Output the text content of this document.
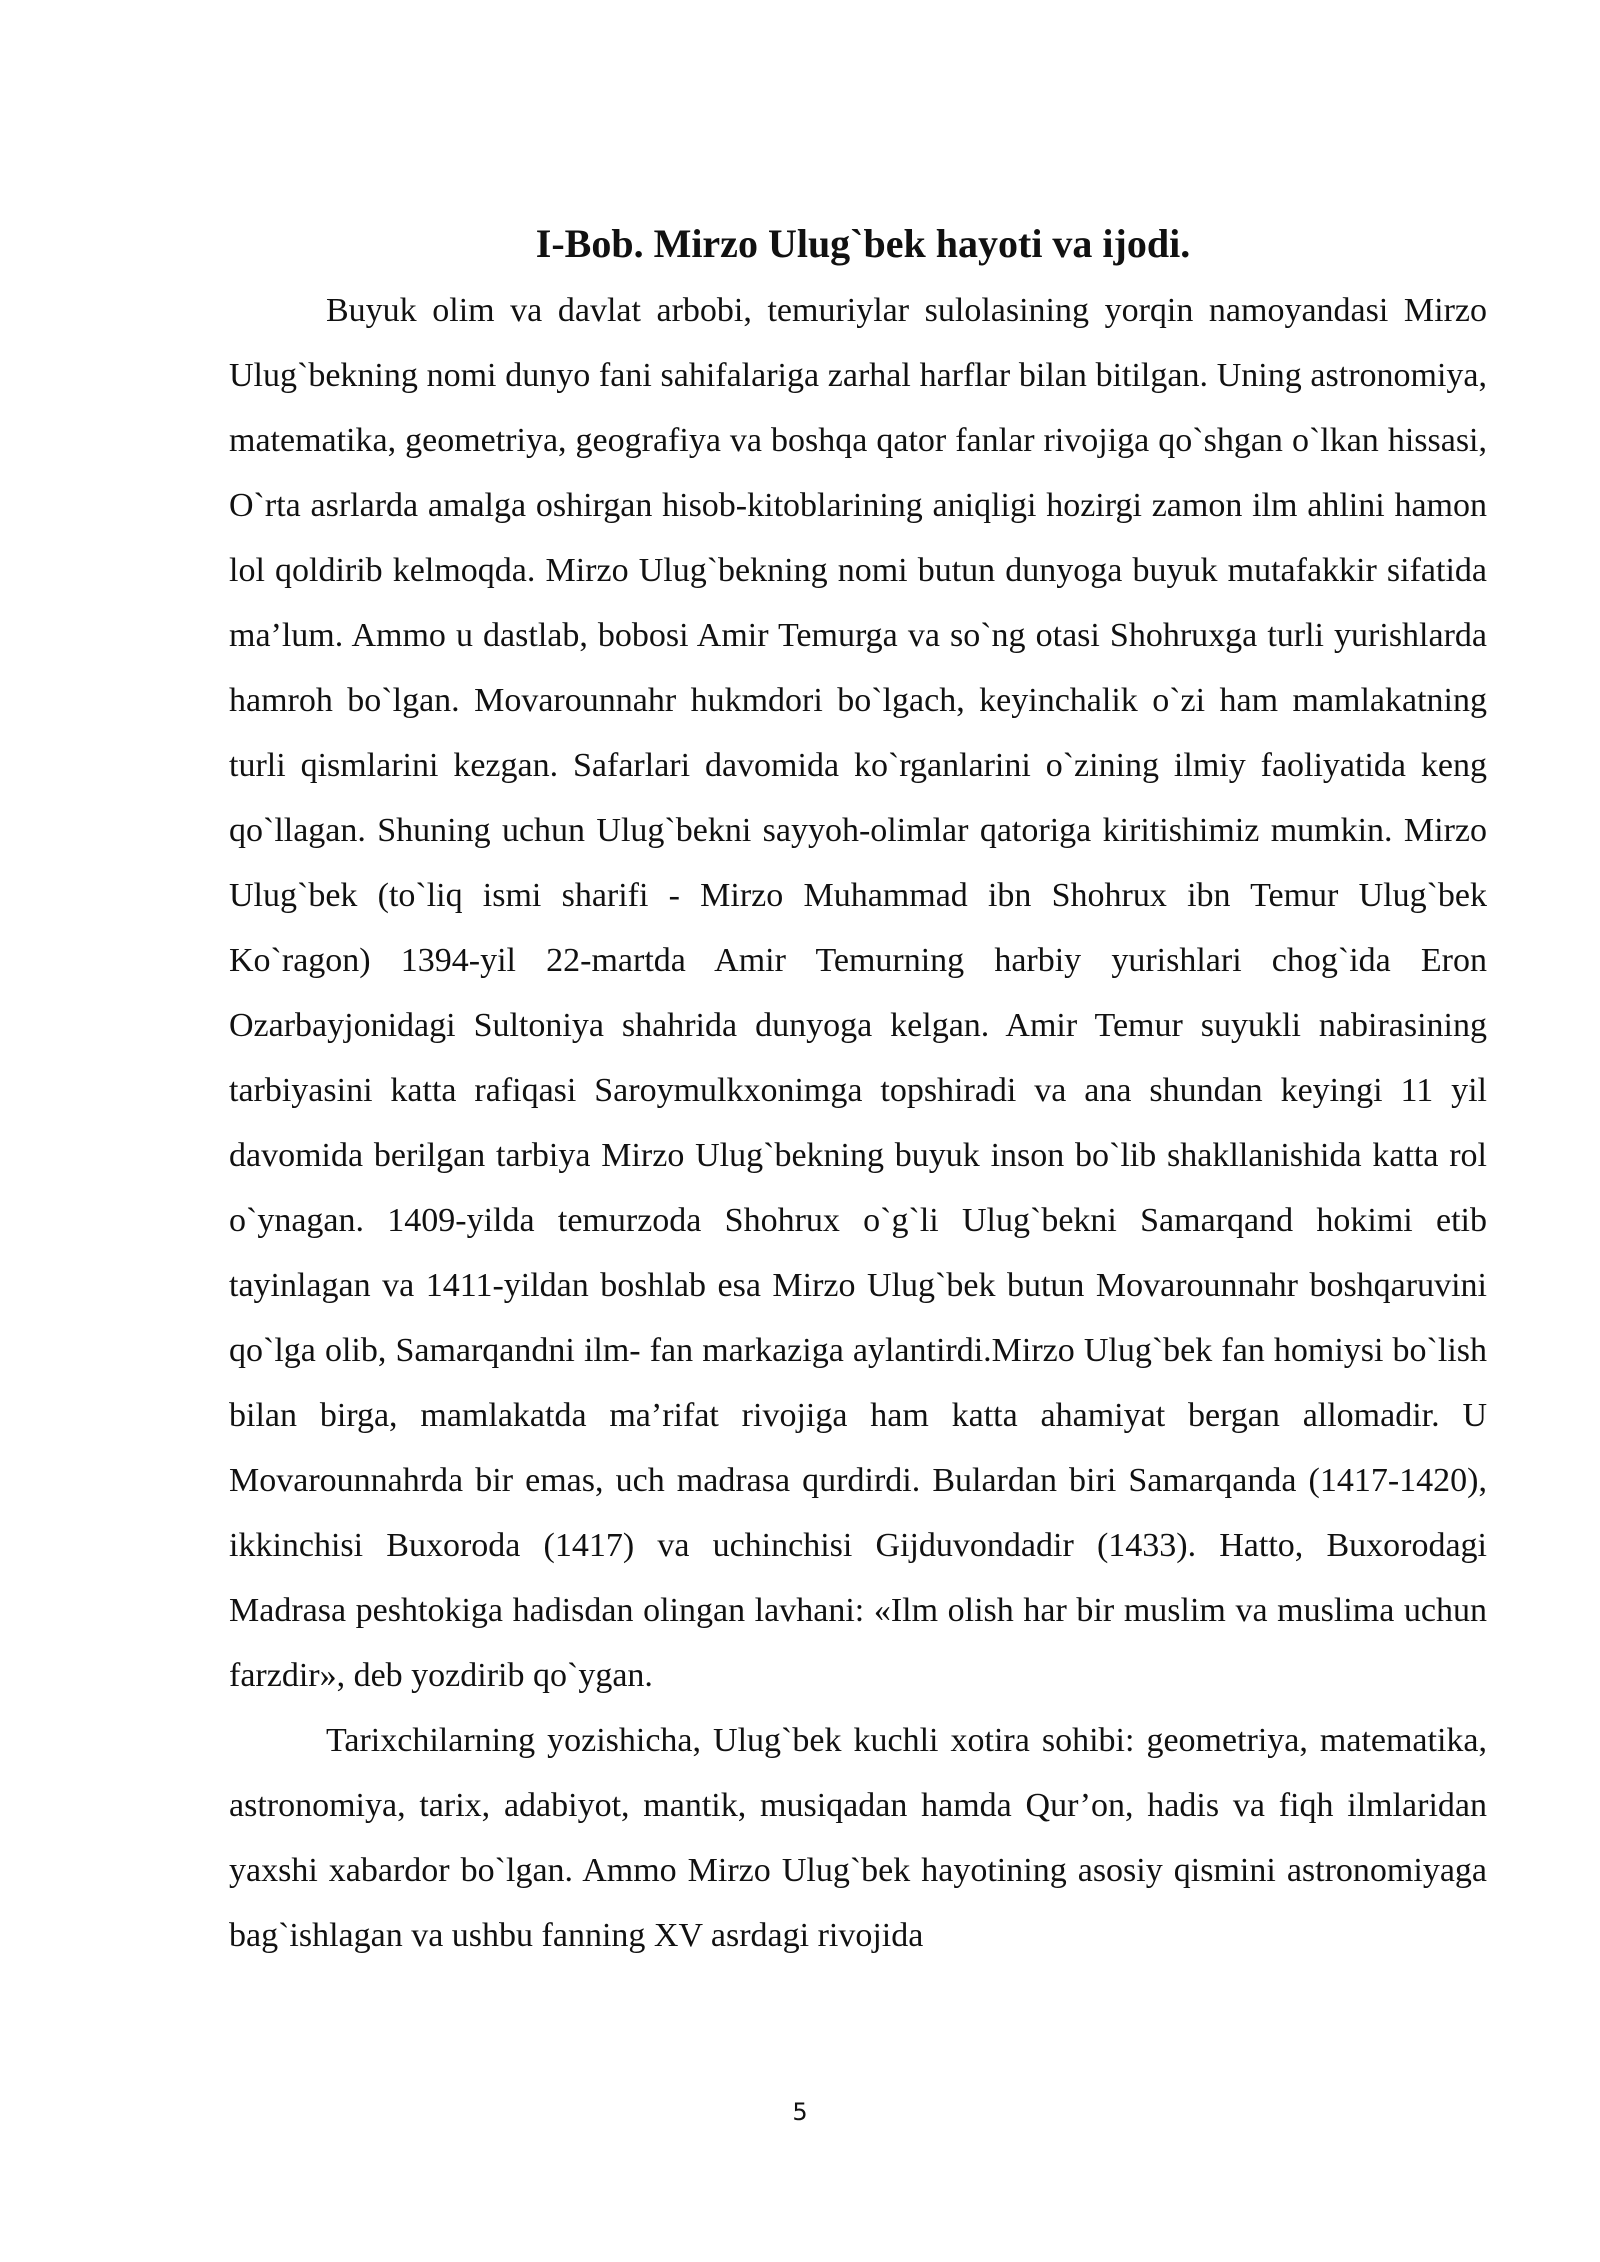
I-Bob. Mirzo Ulug`bek hayoti va ijodi.

Buyuk olim va davlat arbobi, temuriylar sulolasining yorqin namoyandasi Mirzo Ulug`bekning nomi dunyo fani sahifalariga zarhal harflar bilan bitilgan. Uning astronomiya, matematika, geometriya, geografiya va boshqa qator fanlar rivojiga qo`shgan o`lkan hissasi, O`rta asrlarda amalga oshirgan hisob-kitoblarining aniqligi hozirgi zamon ilm ahlini hamon lol qoldirib kelmoqda. Mirzo Ulug`bekning nomi butun dunyoga buyuk mutafakkir sifatida ma’lum. Ammo u dastlab, bobosi Amir Temurga va so`ng otasi Shohruxga turli yurishlarda hamroh bo`lgan. Movarounnahr hukmdori bo`lgach, keyinchalik o`zi ham mamlakatning turli qismlarini kezgan. Safarlari davomida ko`rganlarini o`zining ilmiy faoliyatida keng qo`llagan. Shuning uchun Ulug`bekni sayyoh-olimlar qatoriga kiritishimiz mumkin. Mirzo Ulug`bek (to`liq ismi sharifi - Mirzo Muhammad ibn Shohrux ibn Temur Ulug`bek Ko`ragon) 1394-yil 22-martda Amir Temurning harbiy yurishlari chog`ida Eron Ozarbayjonidagi Sultoniya shahrida dunyoga kelgan. Amir Temur suyukli nabirasining tarbiyasini katta rafiqasi Saroymulkxonimga topshiradi va ana shundan keyingi 11 yil davomida berilgan tarbiya Mirzo Ulug`bekning buyuk inson bo`lib shakllanishida katta rol o`ynagan. 1409-yilda temurzoda Shohrux o`g`li Ulug`bekni Samarqand hokimi etib tayinlagan va 1411-yildan boshlab esa Mirzo Ulug`bek butun Movarounnahr boshqaruvini qo`lga olib, Samarqandni ilm- fan markaziga aylantirdi.Mirzo Ulug`bek fan homiysi bo`lish bilan birga, mamlakatda ma’rifat rivojiga ham katta ahamiyat bergan allomadir. U Movarounnahrda bir emas, uch madrasa qurdirdi. Bulardan biri Samarqanda (1417-1420), ikkinchisi Buxoroda (1417) va uchinchisi Gijduvondadir (1433). Hatto, Buxorodagi Madrasa peshtokiga hadisdan olingan lavhani: «Ilm olish har bir muslim va muslima uchun farzdir», deb yozdirib qo`ygan.

Tarixchilarning yozishicha, Ulug`bek kuchli xotira sohibi: geometriya, matematika, astronomiya, tarix, adabiyot, mantik, musiqadan hamda Qur’on, hadis va fiqh ilmlaridan yaxshi xabardor bo`lgan. Ammo Mirzo Ulug`bek hayotining asosiy qismini astronomiyaga bag`ishlagan va ushbu fanning XV asrdagi rivojida

5
